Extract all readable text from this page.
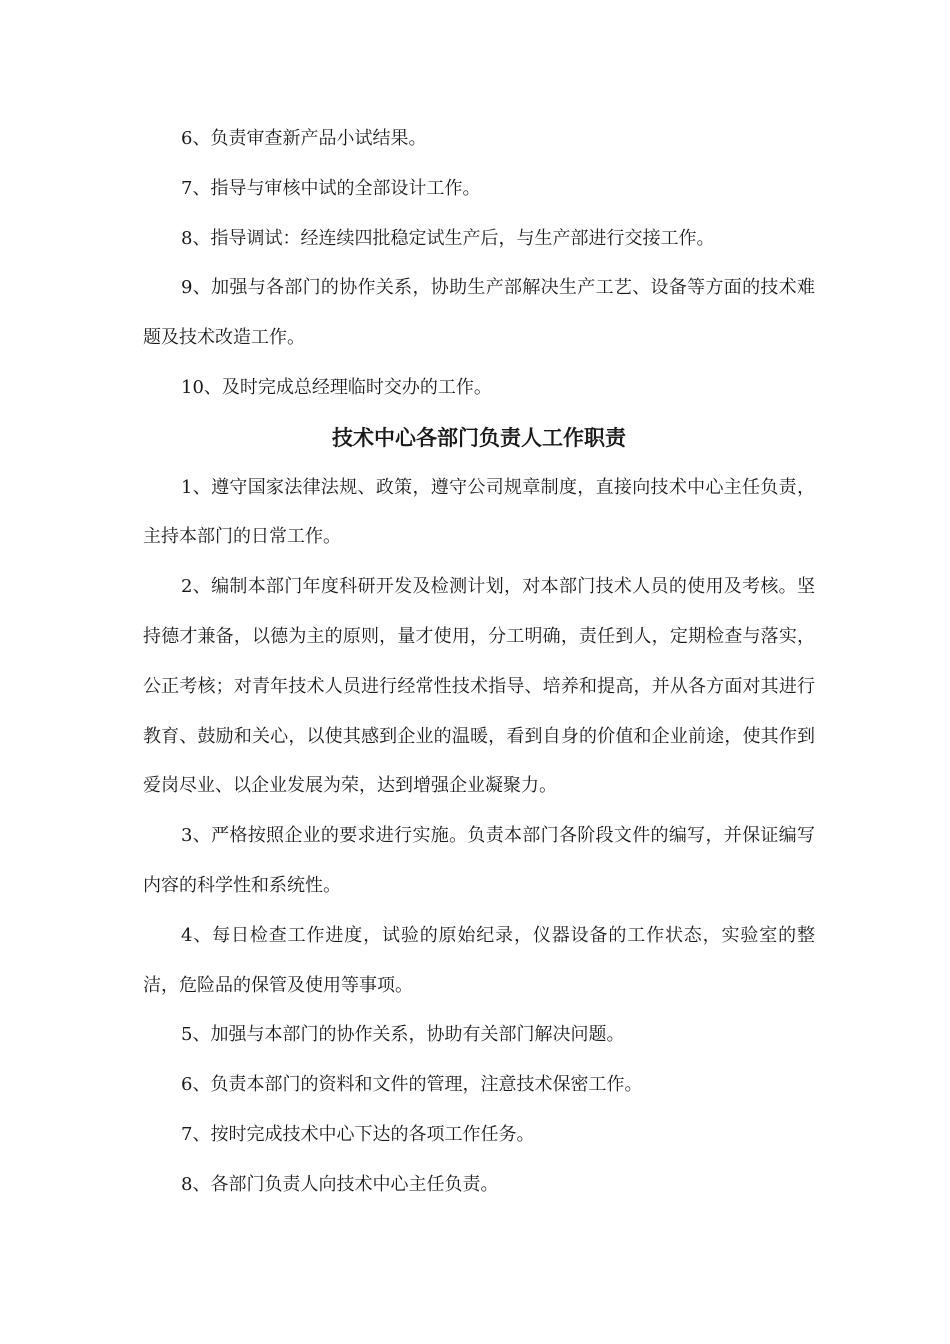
6、负责审查新产品小试结果。

7、指导与审核中试的全部设计工作。

8、指导调试：经连续四批稳定试生产后，与生产部进行交接工作。

9、加强与各部门的协作关系，协助生产部解决生产工艺、设备等方面的技术难题及技术改造工作。

10、及时完成总经理临时交办的工作。

技术中心各部门负责人工作职责

1、遵守国家法律法规、政策，遵守公司规章制度，直接向技术中心主任负责，主持本部门的日常工作。

2、编制本部门年度科研开发及检测计划，对本部门技术人员的使用及考核。坚持德才兼备，以德为主的原则，量才使用，分工明确，责任到人，定期检查与落实，公正考核；对青年技术人员进行经常性技术指导、培养和提高，并从各方面对其进行教育、鼓励和关心，以使其感到企业的温暖，看到自身的价值和企业前途，使其作到爱岗尽业、以企业发展为荣，达到增强企业凝聚力。

3、严格按照企业的要求进行实施。负责本部门各阶段文件的编写，并保证编写内容的科学性和系统性。

4、每日检查工作进度，试验的原始纪录，仪器设备的工作状态，实验室的整洁，危险品的保管及使用等事项。

5、加强与本部门的协作关系，协助有关部门解决问题。

6、负责本部门的资料和文件的管理，注意技术保密工作。

7、按时完成技术中心下达的各项工作任务。

8、各部门负责人向技术中心主任负责。
